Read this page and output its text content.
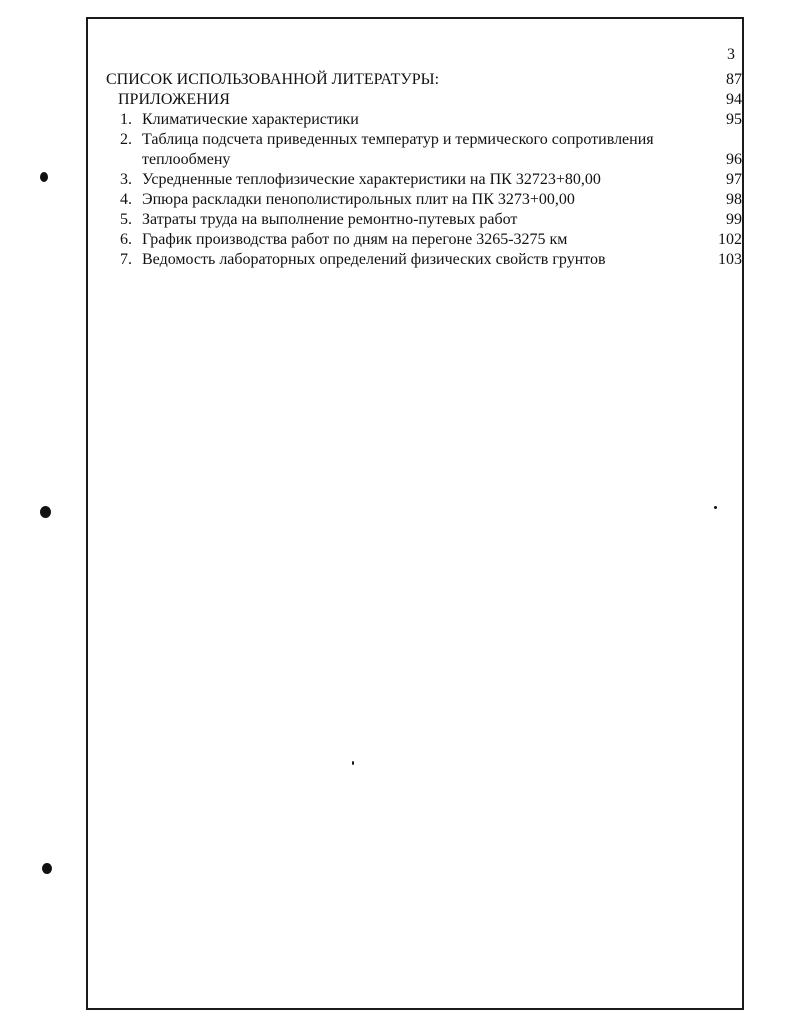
3
СПИСОК ИСПОЛЬЗОВАННОЙ ЛИТЕРАТУРЫ:	87
ПРИЛОЖЕНИЯ	94
1. Климатические характеристики	95
2. Таблица подсчета приведенных температур и термического сопротивления теплообмену	96
3. Усредненные теплофизические характеристики на ПК 32723+80,00	97
4. Эпюра раскладки пенополистирольных плит на ПК 3273+00,00	98
5. Затраты труда на выполнение ремонтно-путевых работ	99
6. График производства работ по дням на перегоне 3265-3275 км	102
7. Ведомость лабораторных определений физических свойств грунтов	103
